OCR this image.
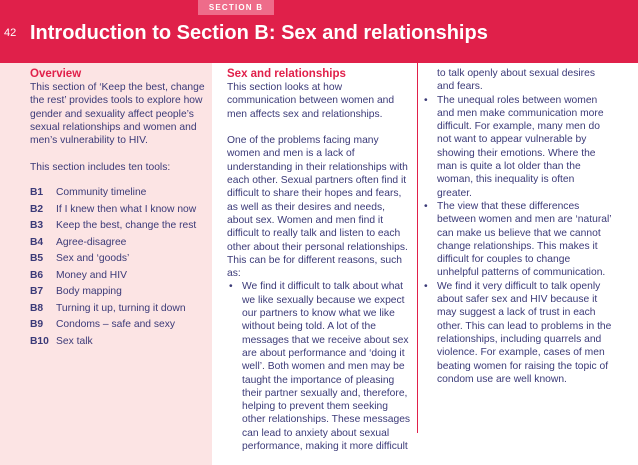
SECTION B
42 Introduction to Section B: Sex and relationships
Overview

This section of ‘Keep the best, change the rest’ provides tools to explore how gender and sexuality affect people’s sexual relationships and women and men’s vulnerability to HIV.

This section includes ten tools:

B1	Community timeline
B2	If I knew then what I know now
B3	Keep the best, change the rest
B4	Agree-disagree
B5	Sex and ‘goods’
B6	Money and HIV
B7	Body mapping
B8	Turning it up, turning it down
B9	Condoms – safe and sexy
B10 Sex talk
Sex and relationships

This section looks at how communication between women and men affects sex and relationships.

One of the problems facing many women and men is a lack of understanding in their relationships with each other. Sexual partners often find it difficult to share their hopes and fears, as well as their desires and needs, about sex. Women and men find it difficult to really talk and listen to each other about their personal relationships. This can be for different reasons, such as:

• We find it difficult to talk about what we like sexually because we expect our partners to know what we like without being told. A lot of the messages that we receive about sex are about performance and ‘doing it well’. Both women and men may be taught the importance of pleasing their partner sexually and, therefore, helping to prevent them seeking other relationships. These messages can lead to anxiety about sexual performance, making it more difficult

to talk openly about sexual desires and fears.

• The unequal roles between women and men make communication more difficult. For example, many men do not want to appear vulnerable by showing their emotions. Where the man is quite a lot older than the woman, this inequality is often greater.
• The view that these differences between women and men are ‘natural’ can make us believe that we cannot change relationships. This makes it difficult for couples to change unhelpful patterns of communication.
• We find it very difficult to talk openly about safer sex and HIV because it may suggest a lack of trust in each other. This can lead to problems in the relationships, including quarrels and violence. For example, cases of men beating women for raising the topic of condom use are well known.
